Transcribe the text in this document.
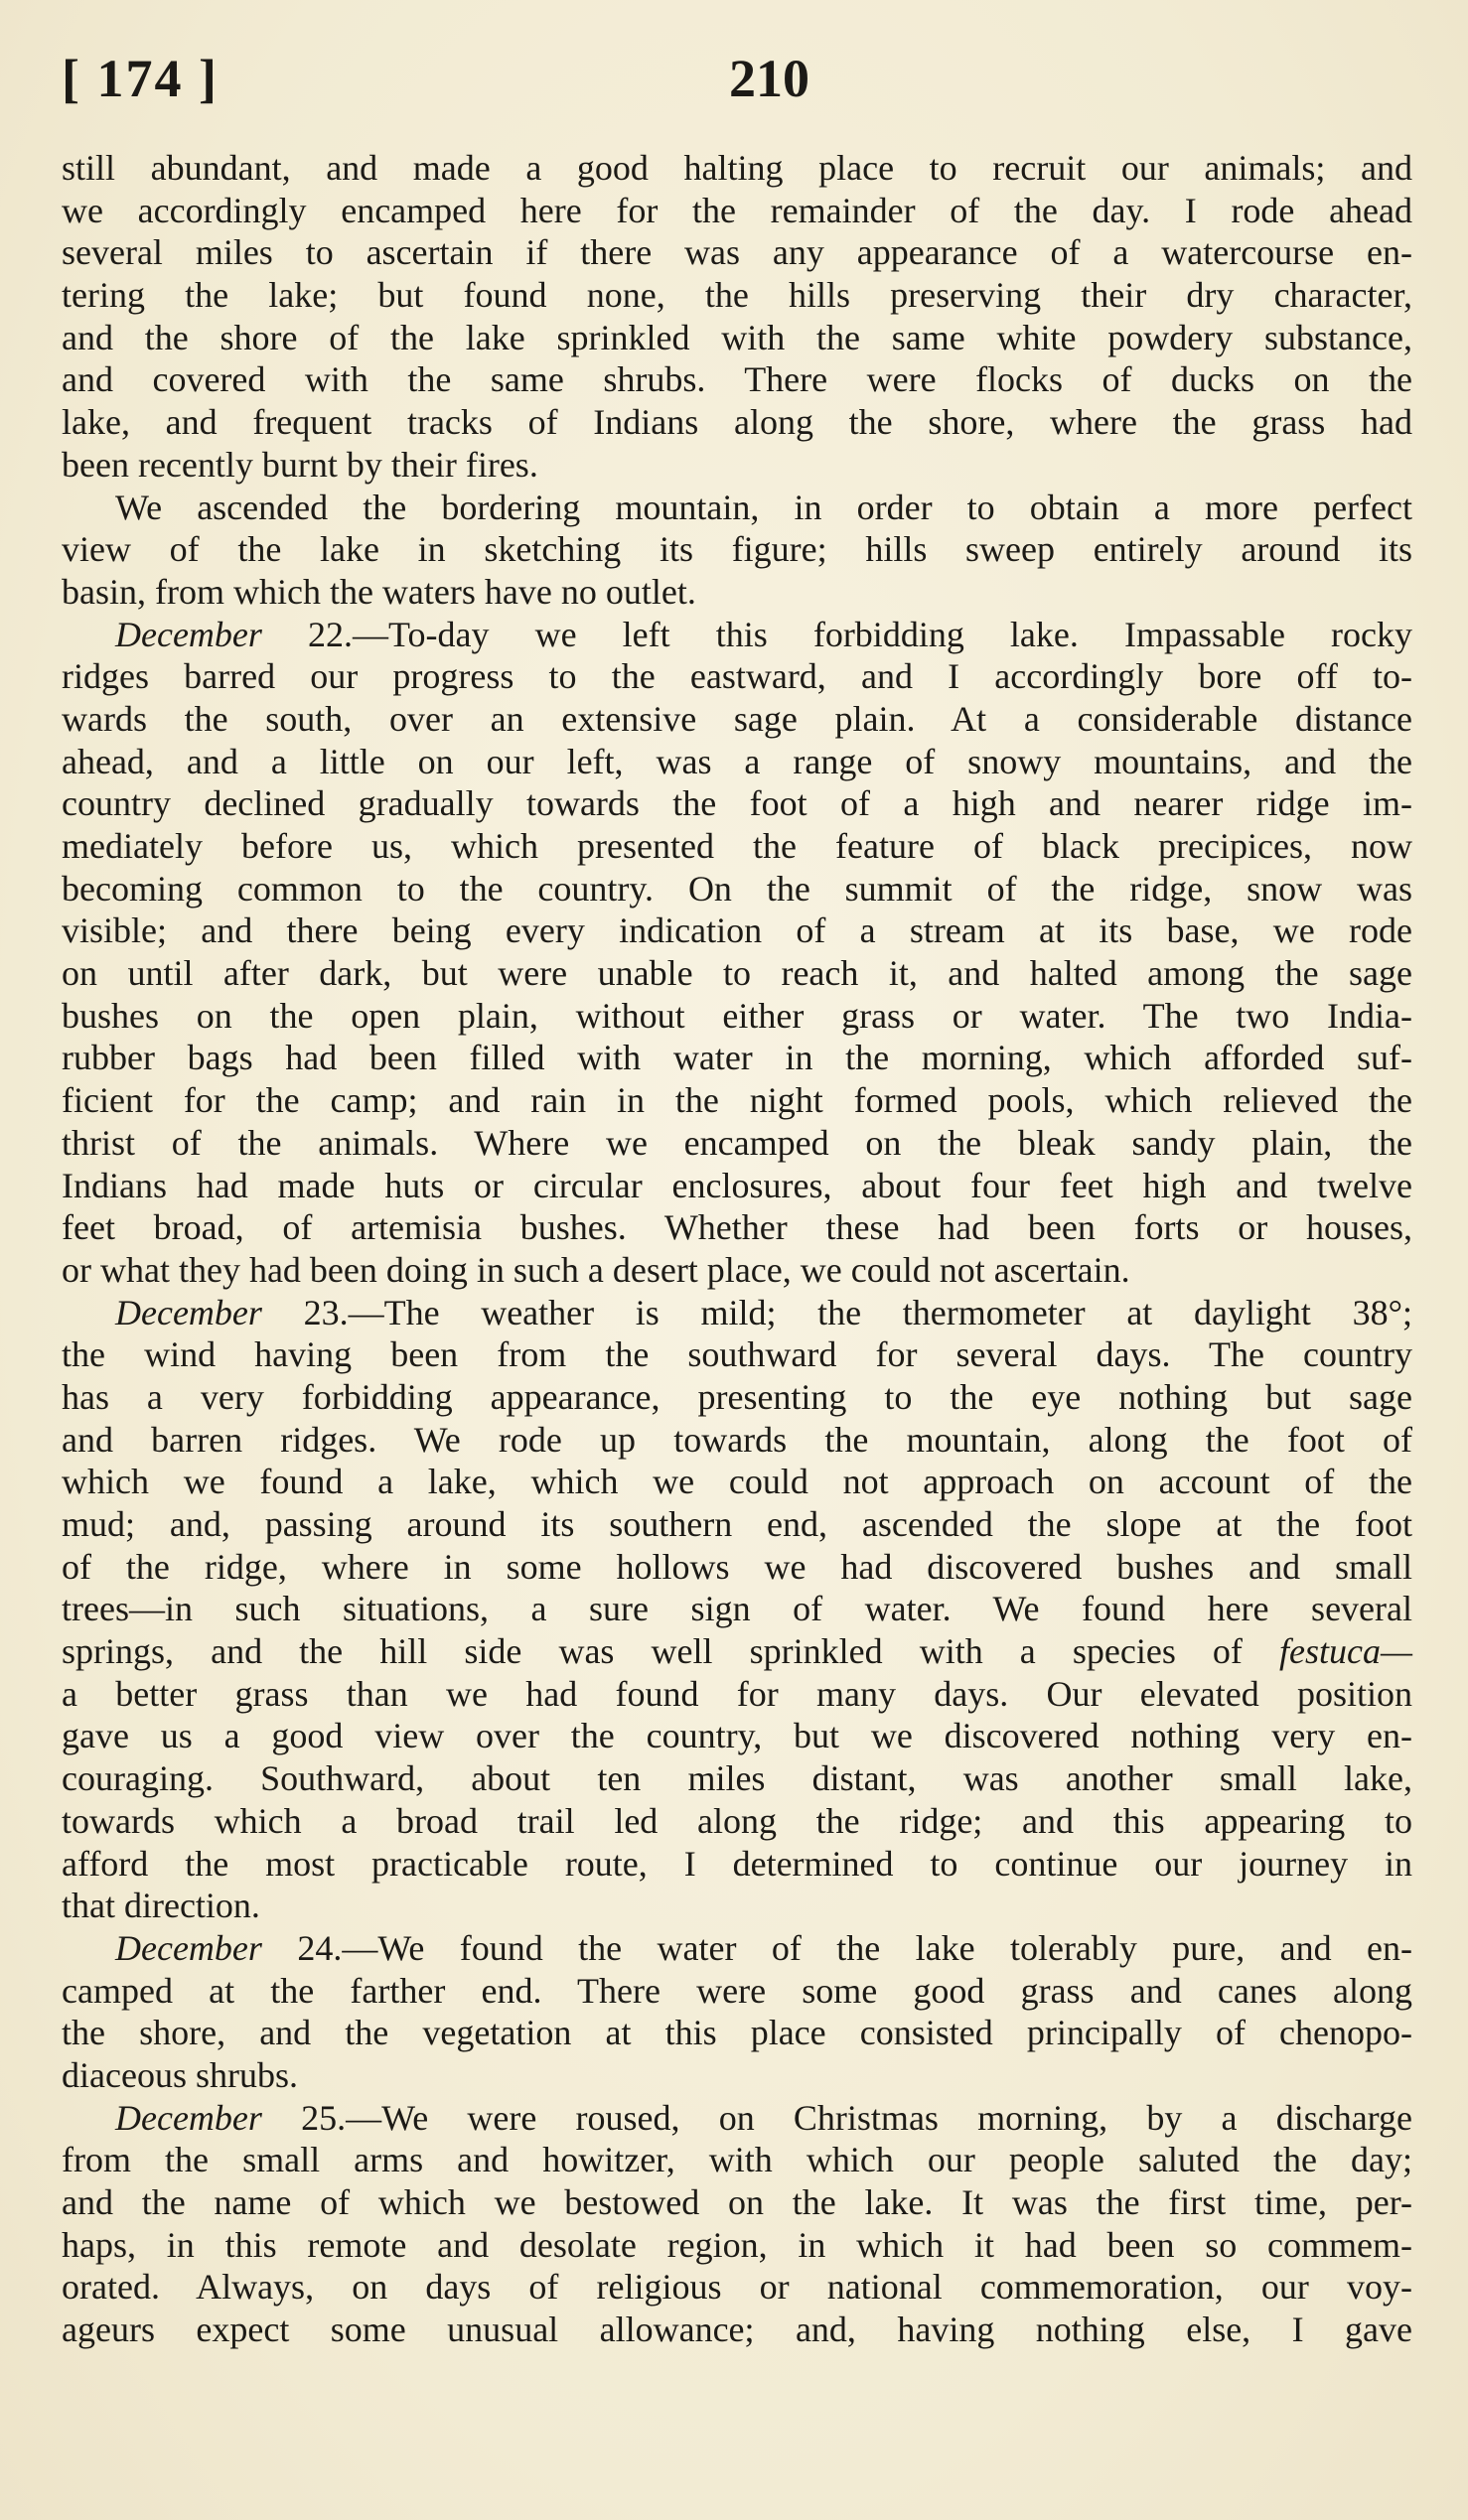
[ 174 ]	210
still abundant, and made a good halting place to recruit our animals; and
we accordingly encamped here for the remainder of the day. I rode ahead
several miles to ascertain if there was any appearance of a watercourse en-
tering the lake; but found none, the hills preserving their dry character,
and the shore of the lake sprinkled with the same white powdery substance,
and covered with the same shrubs. There were flocks of ducks on the
lake, and frequent tracks of Indians along the shore, where the grass had
been recently burnt by their fires.
We ascended the bordering mountain, in order to obtain a more perfect
view of the lake in sketching its figure; hills sweep entirely around its
basin, from which the waters have no outlet.
December 22.—To-day we left this forbidding lake. Impassable rocky
ridges barred our progress to the eastward, and I accordingly bore off to-
wards the south, over an extensive sage plain. At a considerable distance
ahead, and a little on our left, was a range of snowy mountains, and the
country declined gradually towards the foot of a high and nearer ridge im-
mediately before us, which presented the feature of black precipices, now
becoming common to the country. On the summit of the ridge, snow was
visible; and there being every indication of a stream at its base, we rode
on until after dark, but were unable to reach it, and halted among the sage
bushes on the open plain, without either grass or water. The two India-
rubber bags had been filled with water in the morning, which afforded suf-
ficient for the camp; and rain in the night formed pools, which relieved the
thrist of the animals. Where we encamped on the bleak sandy plain, the
Indians had made huts or circular enclosures, about four feet high and twelve
feet broad, of artemisia bushes. Whether these had been forts or houses,
or what they had been doing in such a desert place, we could not ascertain.
December 23.—The weather is mild; the thermometer at daylight 38°;
the wind having been from the southward for several days. The country
has a very forbidding appearance, presenting to the eye nothing but sage
and barren ridges. We rode up towards the mountain, along the foot of
which we found a lake, which we could not approach on account of the
mud; and, passing around its southern end, ascended the slope at the foot
of the ridge, where in some hollows we had discovered bushes and small
trees—in such situations, a sure sign of water. We found here several
springs, and the hill side was well sprinkled with a species of festuca—
a better grass than we had found for many days. Our elevated position
gave us a good view over the country, but we discovered nothing very en-
couraging. Southward, about ten miles distant, was another small lake,
towards which a broad trail led along the ridge; and this appearing to
afford the most practicable route, I determined to continue our journey in
that direction.
December 24.—We found the water of the lake tolerably pure, and en-
camped at the farther end. There were some good grass and canes along
the shore, and the vegetation at this place consisted principally of chenopo-
diaceous shrubs.
December 25.—We were roused, on Christmas morning, by a discharge
from the small arms and howitzer, with which our people saluted the day;
and the name of which we bestowed on the lake. It was the first time, per-
haps, in this remote and desolate region, in which it had been so commem-
orated. Always, on days of religious or national commemoration, our voy-
ageurs expect some unusual allowance; and, having nothing else, I gave
